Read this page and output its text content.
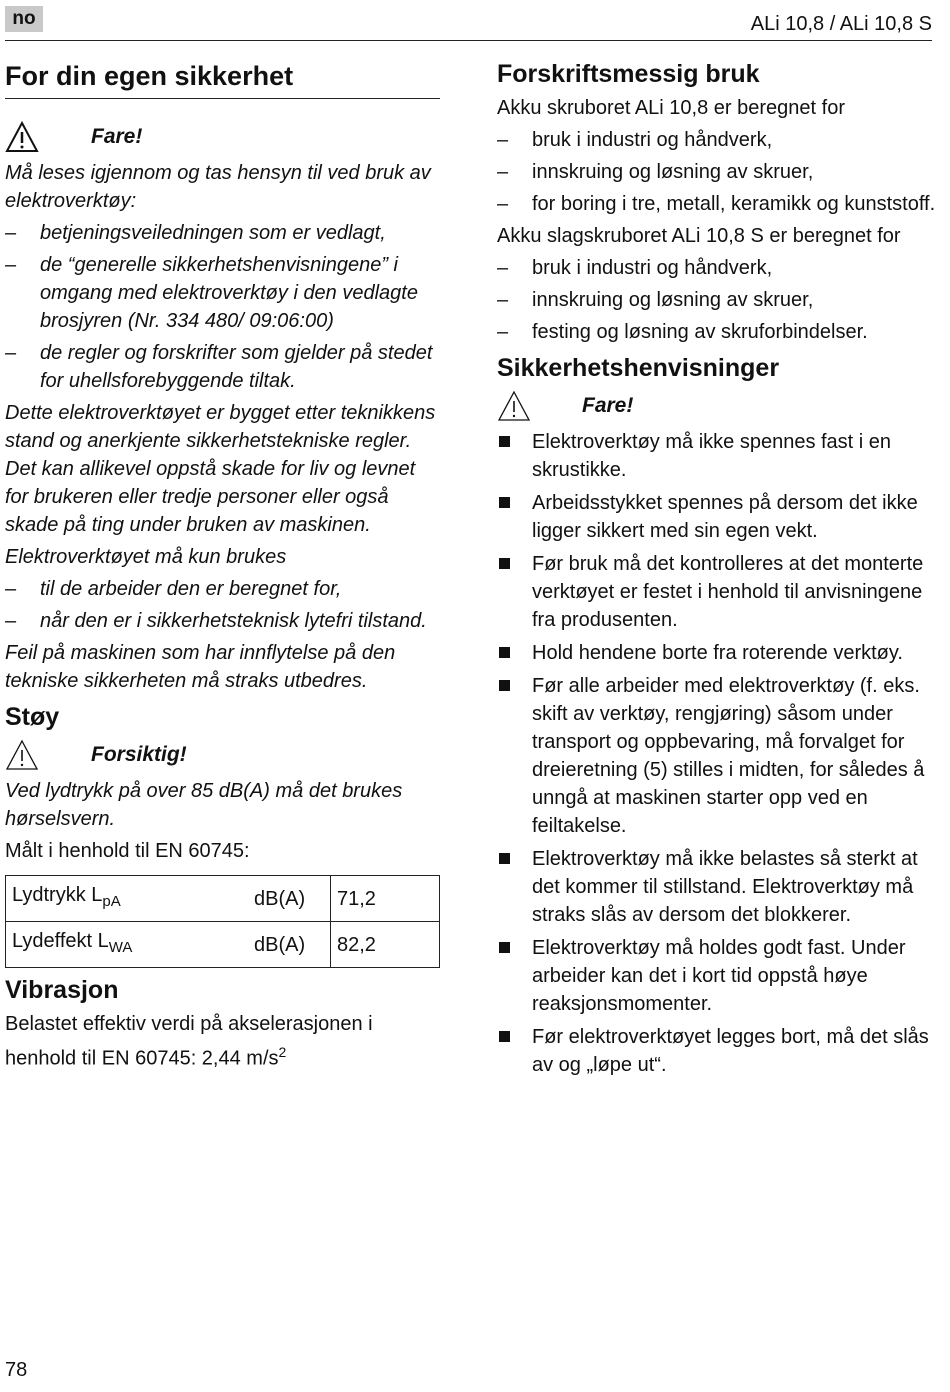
no	ALi 10,8 / ALi 10,8 S
For din egen sikkerhet
Fare!

Må leses igjennom og tas hensyn til ved bruk av elektroverktøy:

– betjeningsveiledningen som er vedlagt,
– de “generelle sikkerhetshenvisningene” i omgang med elektroverktøy i den vedlagte brosjyren (Nr. 334 480/ 09:06:00)
– de regler og forskrifter som gjelder på stedet for uhellsforebyggende tiltak.

Dette elektroverktøyet er bygget etter teknikkens stand og anerkjente sikkerhetstekniske regler. Det kan allikevel oppstå skade for liv og levnet for brukeren eller tredje personer eller også skade på ting under bruken av maskinen.

Elektroverktøyet må kun brukes

– til de arbeider den er beregnet for,
– når den er i sikkerhetsteknisk lytefri tilstand.

Feil på maskinen som har innflytelse på den tekniske sikkerheten må straks utbedres.

Støy
Forsiktig!

Ved lydtrykk på over 85 dB(A) må det brukes hørselsvern.

Målt i henhold til EN 60745:

Lydtrykk $L_{pA}$	dB(A)	71,2
Lydeffekt $L_{WA}$	dB(A)	82,2
Vibrasjon

Belastet effektiv verdi på akselerasjonen i henhold til EN 60745: 2,44 $m/s^2$

Forskriftsmessig bruk

Akku skruboret ALi 10,8 er beregnet for

– bruk i industri og håndverk,
– innskruing og løsning av skruer,
– for boring i tre, metall, keramikk og kunststoff.

Akku slagskruboret ALi 10,8 S er beregnet for

– bruk i industri og håndverk,
– innskruing og løsning av skruer,
– festing og løsning av skruforbindelser.
Sikkerhetshenvisninger
Fare!
Elektroverktøy må ikke spennes fast i en skrustikke.
Arbeidsstykket spennes på dersom det ikke ligger sikkert med sin egen vekt.
Før bruk må det kontrolleres at det monterte verktøyet er festet i henhold til anvisningene fra produsenten.
Hold hendene borte fra roterende verktøy.
Før alle arbeider med elektroverktøy (f. eks. skift av verktøy, rengjøring) såsom under transport og oppbevaring, må forvalget for dreieretning (5) stilles i midten, for således å unngå at maskinen starter opp ved en feiltakelse.
Elektroverktøy må ikke belastes så sterkt at det kommer til stillstand. Elektroverktøy må straks slås av dersom det blokkerer.
Elektroverktøy må holdes godt fast. Under arbeider kan det i kort tid oppstå høye reaksjonsmomenter.
Før elektroverktøyet legges bort, må det slås av og „løpe ut“.
78
